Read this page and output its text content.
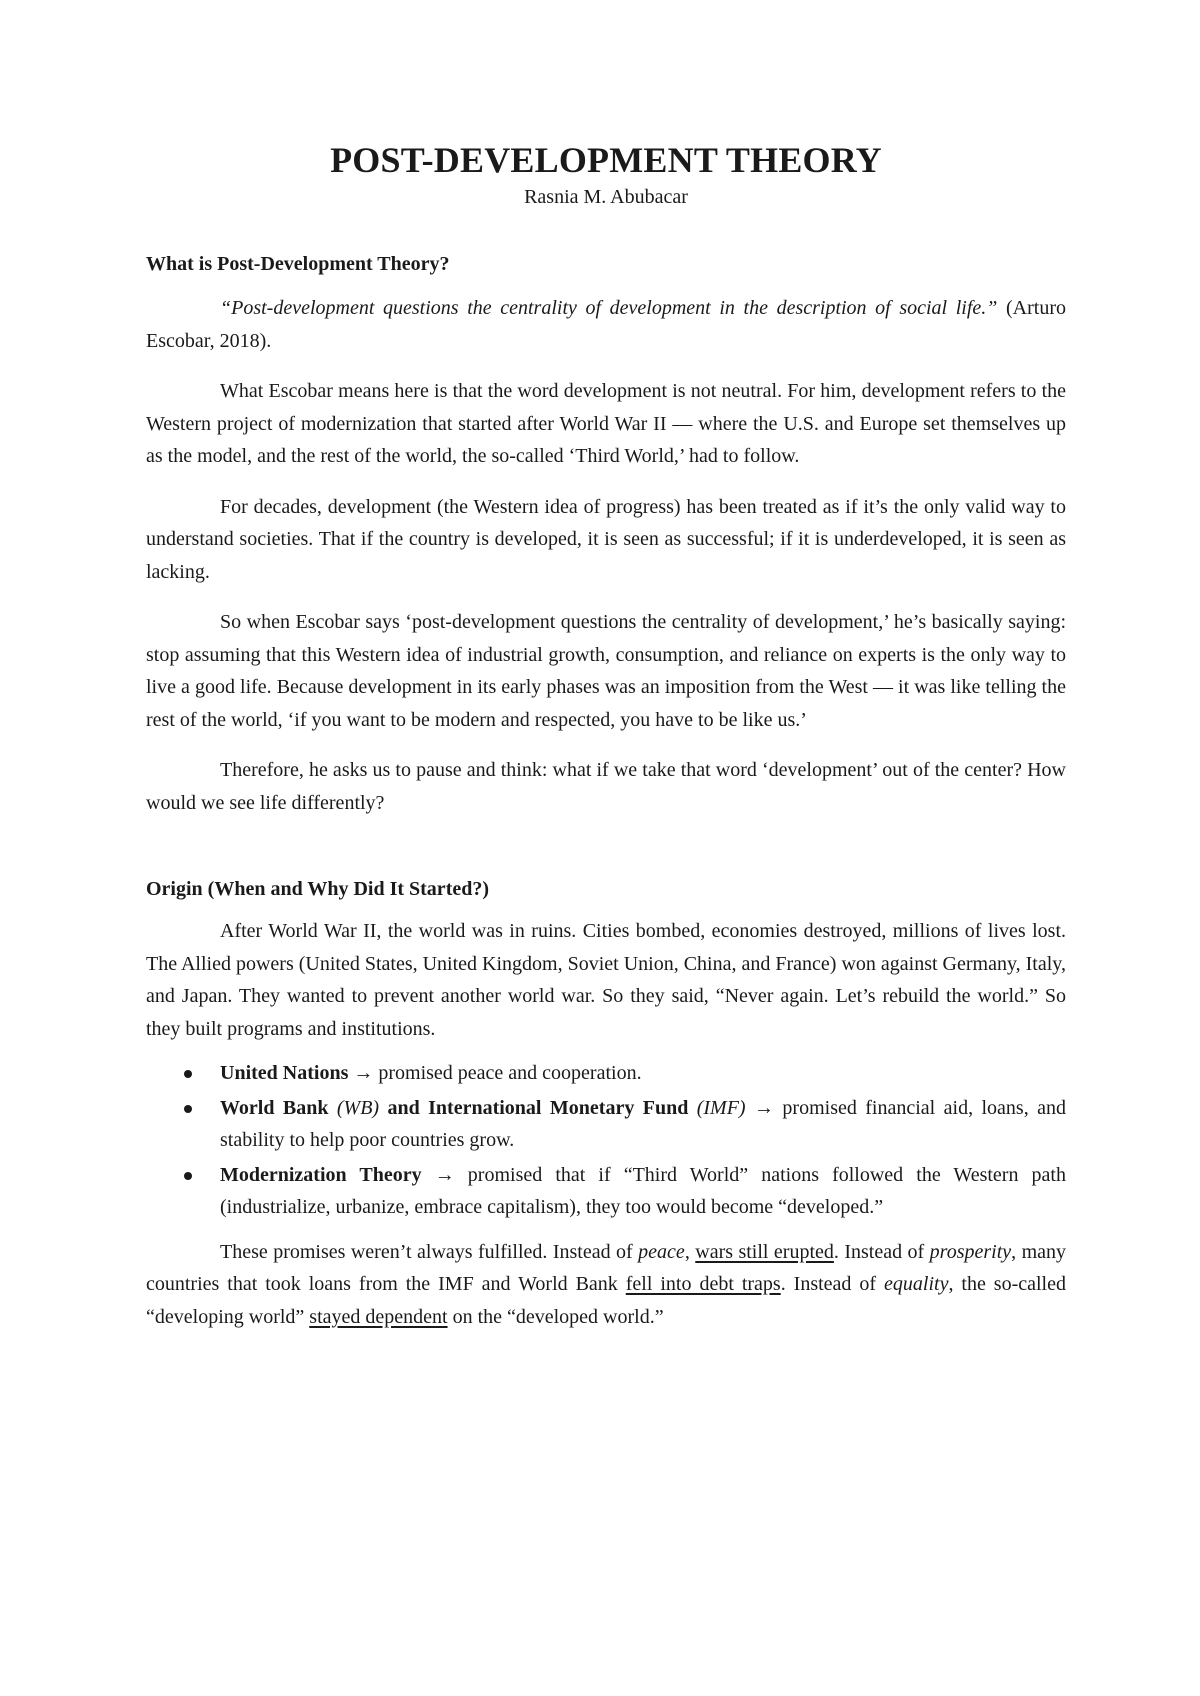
POST-DEVELOPMENT THEORY

Rasnia M. Abubacar

What is Post-Development Theory?

“Post-development questions the centrality of development in the description of social life.” (Arturo Escobar, 2018).

What Escobar means here is that the word development is not neutral. For him, development refers to the Western project of modernization that started after World War II — where the U.S. and Europe set themselves up as the model, and the rest of the world, the so-called ‘Third World,’ had to follow.

For decades, development (the Western idea of progress) has been treated as if it’s the only valid way to understand societies. That if the country is developed, it is seen as successful; if it is underdeveloped, it is seen as lacking.

So when Escobar says ‘post-development questions the centrality of development,’ he’s basically saying: stop assuming that this Western idea of industrial growth, consumption, and reliance on experts is the only way to live a good life. Because development in its early phases was an imposition from the West — it was like telling the rest of the world, ‘if you want to be modern and respected, you have to be like us.’

Therefore, he asks us to pause and think: what if we take that word ‘development’ out of the center? How would we see life differently?

Origin (When and Why Did It Started?)

After World War II, the world was in ruins. Cities bombed, economies destroyed, millions of lives lost. The Allied powers (United States, United Kingdom, Soviet Union, China, and France) won against Germany, Italy, and Japan. They wanted to prevent another world war. So they said, “Never again. Let’s rebuild the world.” So they built programs and institutions.

United Nations → promised peace and cooperation.
World Bank (WB) and International Monetary Fund (IMF) → promised financial aid, loans, and stability to help poor countries grow.
Modernization Theory → promised that if “Third World” nations followed the Western path (industrialize, urbanize, embrace capitalism), they too would become “developed.”

These promises weren’t always fulfilled. Instead of peace, wars still erupted. Instead of prosperity, many countries that took loans from the IMF and World Bank fell into debt traps. Instead of equality, the so-called “developing world” stayed dependent on the “developed world.”
